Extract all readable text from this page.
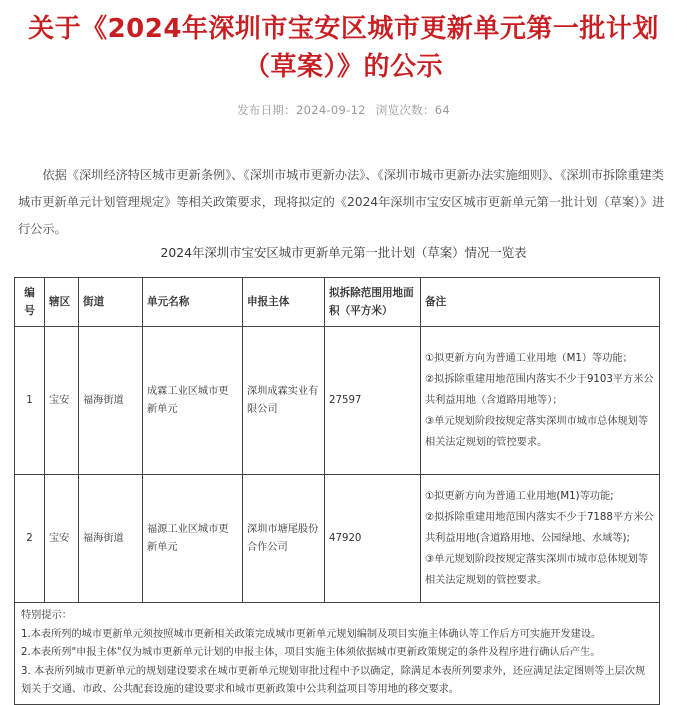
关于《2024年深圳市宝安区城市更新单元第一批计划
（草案）》的公示
发布日期：2024-09-12 浏览次数：64

依据《深圳经济特区城市更新条例》、《深圳市城市更新办法》、《深圳市城市更新办法实施细则》、《深圳市拆除重建类城市更新单元计划管理规定》等相关政策要求，现将拟定的《2024年深圳市宝安区城市更新单元第一批计划（草案）》进行公示。

2024年深圳市宝安区城市更新单元第一批计划（草案）情况一览表
编号	辖区	街道	单元名称	申报主体	拟拆除范围用地面积（平方米）	备注
1	宝安	福海街道	成霖工业区城市更新单元	深圳成霖实业有限公司	27597	①拟更新方向为普通工业用地（M1）等功能；
②拟拆除重建用地范围内落实不少于9103平方米公共利益用地（含道路用地等）；
③单元规划阶段按规定落实深圳市城市总体规划等相关法定规划的管控要求。

2	宝安	福海街道	福源工业区城市更新单元	深圳市塘尾股份合作公司	47920	①拟更新方向为普通工业用地(M1)等功能;
②拟拆除重建用地范围内落实不少于7188平方米公共利益用地(含道路用地、公园绿地、水域等);
③单元规划阶段按规定落实深圳市城市总体规划等相关法定规划的管控要求。

特别提示：
1.本表所列的城市更新单元须按照城市更新相关政策完成城市更新单元规划编制及项目实施主体确认等工作后方可实施开发建设。
2.本表所列"申报主体"仅为城市更新单元计划的申报主体，项目实施主体须依据城市更新政策规定的条件及程序进行确认后产生。
3. 本表所列城市更新单元的规划建设要求在城市更新单元规划审批过程中予以确定，除满足本表所列要求外，还应满足法定图则等上层次规划关于交通、市政、公共配套设施的建设要求和城市更新政策中公共利益项目等用地的移交要求。						
